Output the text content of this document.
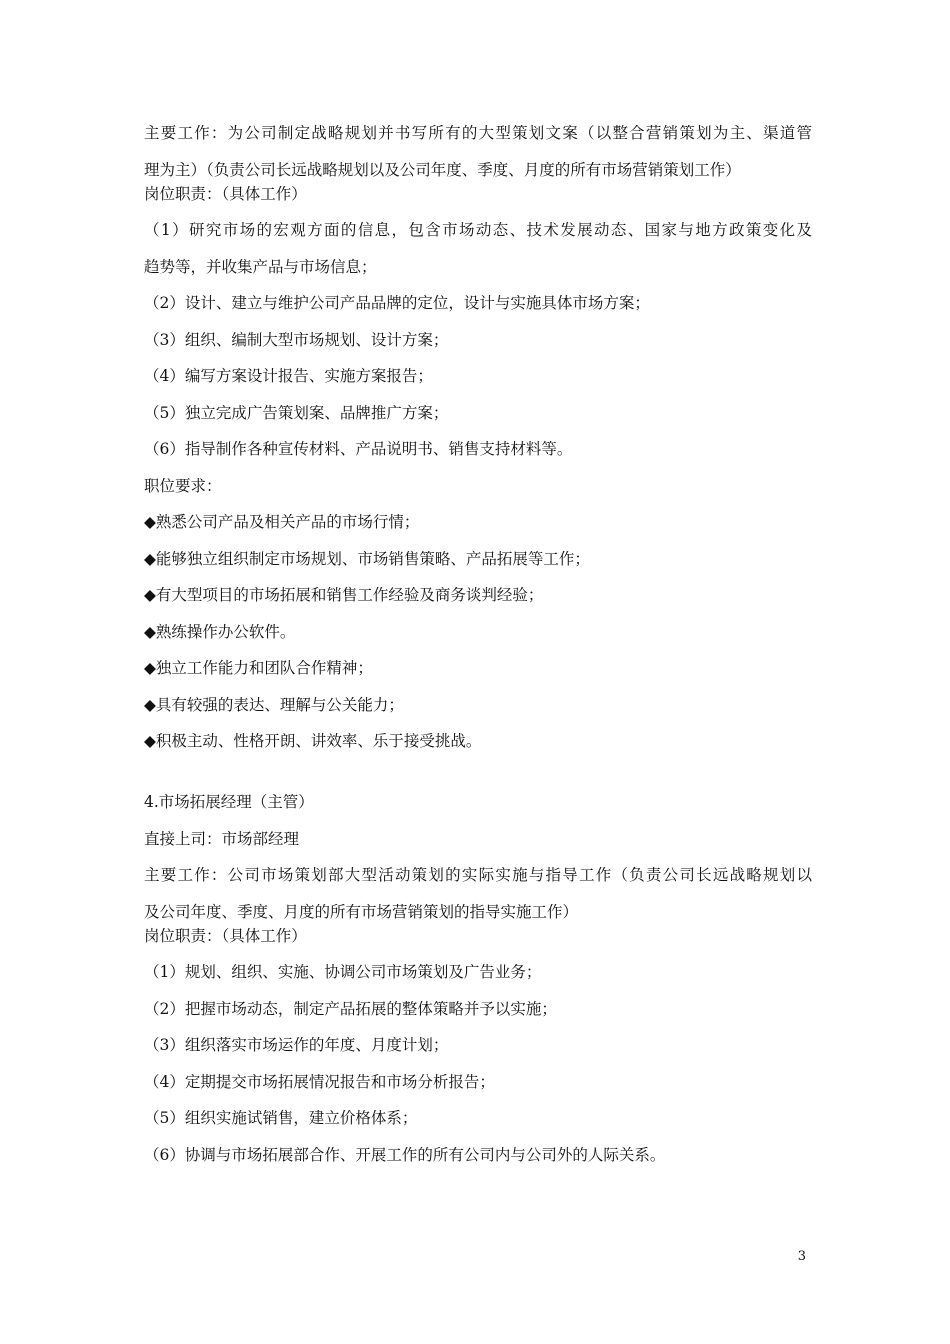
主要工作：为公司制定战略规划并书写所有的大型策划文案（以整合营销策划为主、渠道管
理为主）（负责公司长远战略规划以及公司年度、季度、月度的所有市场营销策划工作）
岗位职责：（具体工作）
（1）研究市场的宏观方面的信息，包含市场动态、技术发展动态、国家与地方政策变化及
趋势等，并收集产品与市场信息；
（2）设计、建立与维护公司产品品牌的定位，设计与实施具体市场方案；
（3）组织、编制大型市场规划、设计方案；
（4）编写方案设计报告、实施方案报告；
（5）独立完成广告策划案、品牌推广方案；
（6）指导制作各种宣传材料、产品说明书、销售支持材料等。
职位要求：
◆熟悉公司产品及相关产品的市场行情；
◆能够独立组织制定市场规划、市场销售策略、产品拓展等工作；
◆有大型项目的市场拓展和销售工作经验及商务谈判经验；
◆熟练操作办公软件。
◆独立工作能力和团队合作精神；
◆具有较强的表达、理解与公关能力；
◆积极主动、性格开朗、讲效率、乐于接受挑战。
4.市场拓展经理（主管）
直接上司：市场部经理
主要工作：公司市场策划部大型活动策划的实际实施与指导工作（负责公司长远战略规划以
及公司年度、季度、月度的所有市场营销策划的指导实施工作）
岗位职责：（具体工作）
（1）规划、组织、实施、协调公司市场策划及广告业务；
（2）把握市场动态，制定产品拓展的整体策略并予以实施；
（3）组织落实市场运作的年度、月度计划；
（4）定期提交市场拓展情况报告和市场分析报告；
（5）组织实施试销售，建立价格体系；
（6）协调与市场拓展部合作、开展工作的所有公司内与公司外的人际关系。
3
